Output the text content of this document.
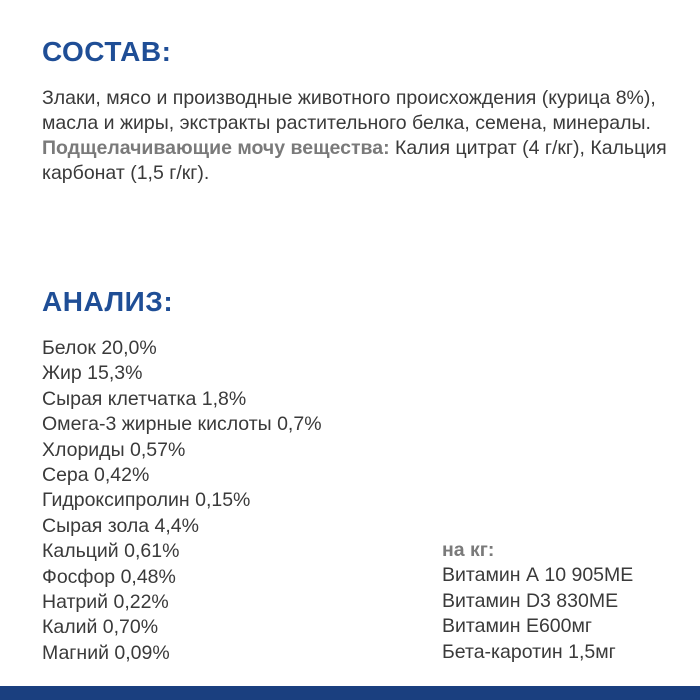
СОСТАВ:
Злаки, мясо и производные животного происхождения (курица 8%), масла и жиры, экстракты растительного белка, семена, минералы.
Подщелачивающие мочу вещества: Калия цитрат (4 г/кг), Кальция карбонат (1,5 г/кг).
АНАЛИЗ:
Белок 20,0%
Жир 15,3%
Сырая клетчатка 1,8%
Омега-3 жирные кислоты 0,7%
Хлориды 0,57%
Сера 0,42%
Гидроксипролин 0,15%
Сырая зола 4,4%
Кальций 0,61%
Фосфор 0,48%
Натрий 0,22%
Калий 0,70%
Магний 0,09%
на кг:
Витамин А 10 905МЕ
Витамин D3 830МЕ
Витамин Е600мг
Бета-каротин 1,5мг
